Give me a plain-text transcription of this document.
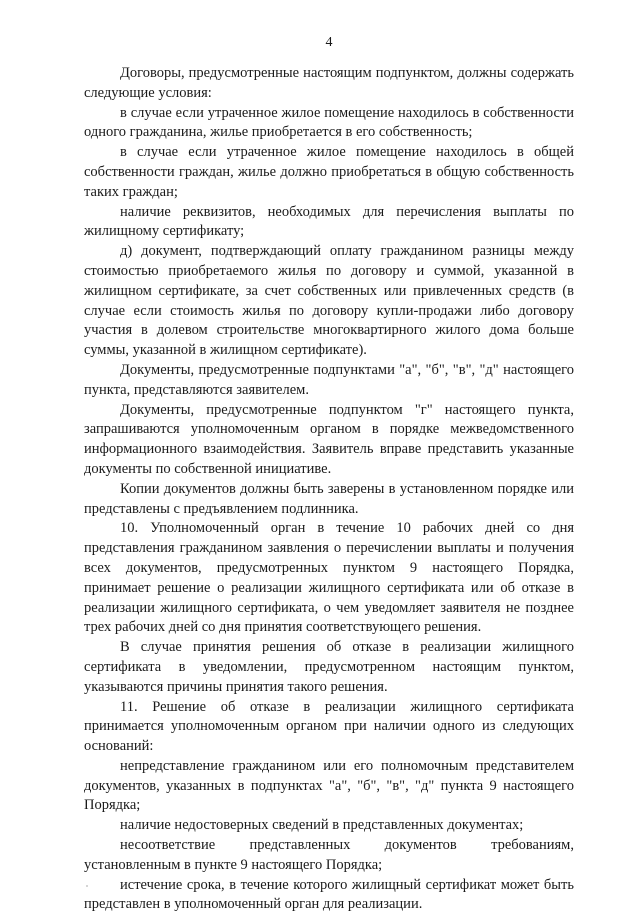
4

Договоры, предусмотренные настоящим подпунктом, должны содержать следующие условия:

в случае если утраченное жилое помещение находилось в собственности одного гражданина, жилье приобретается в его собственность;

в случае если утраченное жилое помещение находилось в общей собственности граждан, жилье должно приобретаться в общую собственность таких граждан;

наличие реквизитов, необходимых для перечисления выплаты по жилищному сертификату;

д) документ, подтверждающий оплату гражданином разницы между стоимостью приобретаемого жилья по договору и суммой, указанной в жилищном сертификате, за счет собственных или привлеченных средств (в случае если стоимость жилья по договору купли-продажи либо договору участия в долевом строительстве многоквартирного жилого дома больше суммы, указанной в жилищном сертификате).

Документы, предусмотренные подпунктами "а", "б", "в", "д" настоящего пункта, представляются заявителем.

Документы, предусмотренные подпунктом "г" настоящего пункта, запрашиваются уполномоченным органом в порядке межведомственного информационного взаимодействия. Заявитель вправе представить указанные документы по собственной инициативе.

Копии документов должны быть заверены в установленном порядке или представлены с предъявлением подлинника.

10. Уполномоченный орган в течение 10 рабочих дней со дня представления гражданином заявления о перечислении выплаты и получения всех документов, предусмотренных пунктом 9 настоящего Порядка, принимает решение о реализации жилищного сертификата или об отказе в реализации жилищного сертификата, о чем уведомляет заявителя не позднее трех рабочих дней со дня принятия соответствующего решения.

В случае принятия решения об отказе в реализации жилищного сертификата в уведомлении, предусмотренном настоящим пунктом, указываются причины принятия такого решения.

11. Решение об отказе в реализации жилищного сертификата принимается уполномоченным органом при наличии одного из следующих оснований:

непредставление гражданином или его полномочным представителем документов, указанных в подпунктах "а", "б", "в", "д" пункта 9 настоящего Порядка;

наличие недостоверных сведений в представленных документах;

несоответствие представленных документов требованиям, установленным в пункте 9 настоящего Порядка;

истечение срока, в течение которого жилищный сертификат может быть представлен в уполномоченный орган для реализации.
